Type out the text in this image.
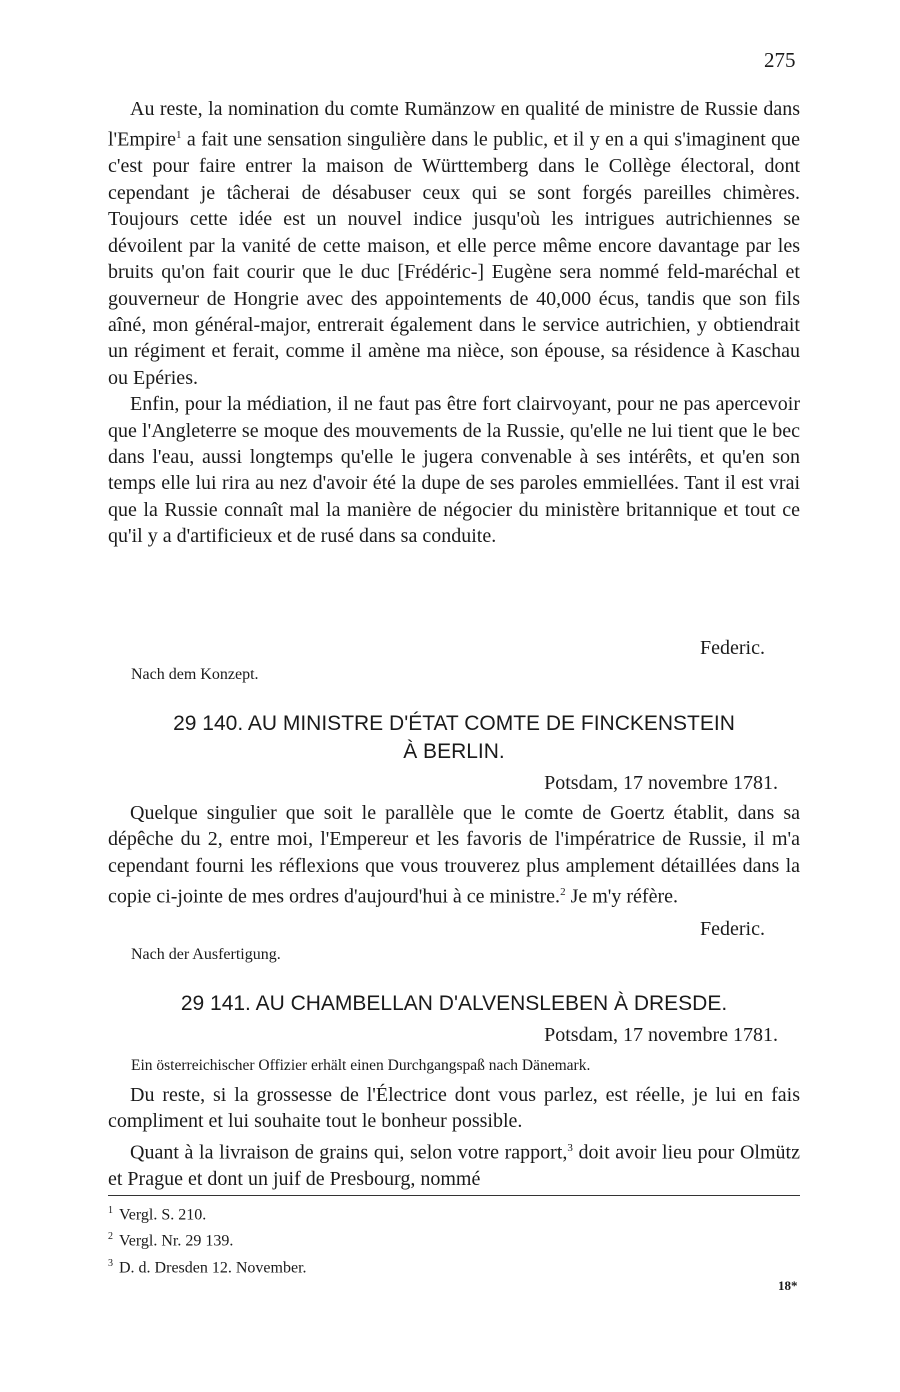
275

Au reste, la nomination du comte Rumänzow en qualité de ministre de Russie dans l'Empire$^1$ a fait une sensation singulière dans le public, et il y en a qui s'imaginent que c'est pour faire entrer la maison de Württemberg dans le Collège électoral, dont cependant je tâcherai de désabuser ceux qui se sont forgés pareilles chimères. Toujours cette idée est un nouvel indice jusqu'où les intrigues autrichiennes se dévoilent par la vanité de cette maison, et elle perce même encore davantage par les bruits qu'on fait courir que le duc [Frédéric-] Eugène sera nommé feld-maréchal et gouverneur de Hongrie avec des appointements de 40,000 écus, tandis que son fils aîné, mon général-major, entrerait également dans le service autrichien, y obtiendrait un régiment et ferait, comme il amène ma nièce, son épouse, sa résidence à Kaschau ou Epéries.

Enfin, pour la médiation, il ne faut pas être fort clairvoyant, pour ne pas apercevoir que l'Angleterre se moque des mouvements de la Russie, qu'elle ne lui tient que le bec dans l'eau, aussi longtemps qu'elle le jugera convenable à ses intérêts, et qu'en son temps elle lui rira au nez d'avoir été la dupe de ses paroles emmiellées. Tant il est vrai que la Russie connaît mal la manière de négocier du ministère britannique et tout ce qu'il y a d'artificieux et de rusé dans sa conduite.

Federic.
Nach dem Konzept.
29 140. AU MINISTRE D'ÉTAT COMTE DE FINCKENSTEIN
À BERLIN.
Potsdam, 17 novembre 1781.

Quelque singulier que soit le parallèle que le comte de Goertz établit, dans sa dépêche du 2, entre moi, l'Empereur et les favoris de l'impératrice de Russie, il m'a cependant fourni les réflexions que vous trouverez plus amplement détaillées dans la copie ci-jointe de mes ordres d'aujourd'hui à ce ministre.$^2$ Je m'y réfère.

Federic.
Nach der Ausfertigung.
29 141. AU CHAMBELLAN D'ALVENSLEBEN À DRESDE.
Potsdam, 17 novembre 1781.
Ein österreichischer Offizier erhält einen Durchgangspaß nach Dänemark.

Du reste, si la grossesse de l'Électrice dont vous parlez, est réelle, je lui en fais compliment et lui souhaite tout le bonheur possible.

Quant à la livraison de grains qui, selon votre rapport,$^3$ doit avoir lieu pour Olmütz et Prague et dont un juif de Presbourg, nommé

$^1$ Vergl. S. 210.
$^2$ Vergl. Nr. 29 139.
$^3$ D. d. Dresden 12. November.
18*
